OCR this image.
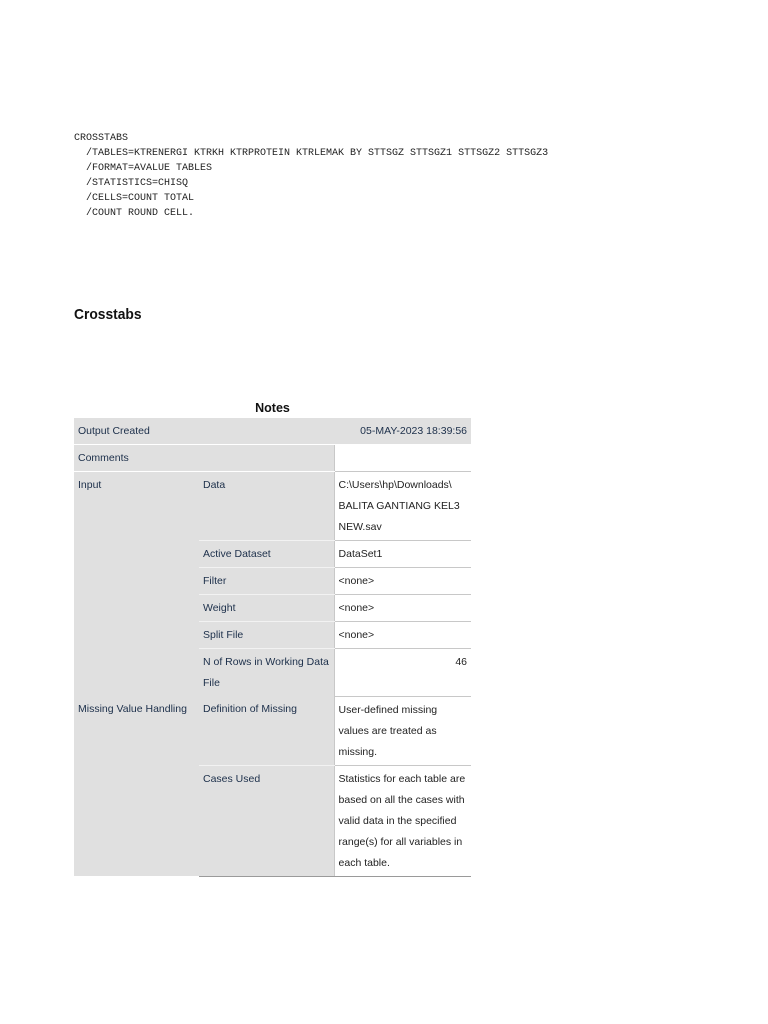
CROSSTABS
/TABLES=KTRENERGI KTRKH KTRPROTEIN KTRLEMAK BY STTSGZ STTSGZ1 STTSGZ2 STTSGZ3
/FORMAT=AVALUE TABLES
/STATISTICS=CHISQ
/CELLS=COUNT TOTAL
/COUNT ROUND CELL.
Crosstabs
Notes
Output Created		05-MAY-2023 18:39:56
Comments		
Input	Data	C:\Users\hp\Downloads\ BALITA GANTIANG KEL3 NEW.sav
	Active Dataset	DataSet1
	Filter	<none>
	Weight	<none>
	Split File	<none>
	N of Rows in Working Data File	46
Missing Value Handling	Definition of Missing	User-defined missing values are treated as missing.
	Cases Used	Statistics for each table are based on all the cases with valid data in the specified range(s) for all variables in each table.
